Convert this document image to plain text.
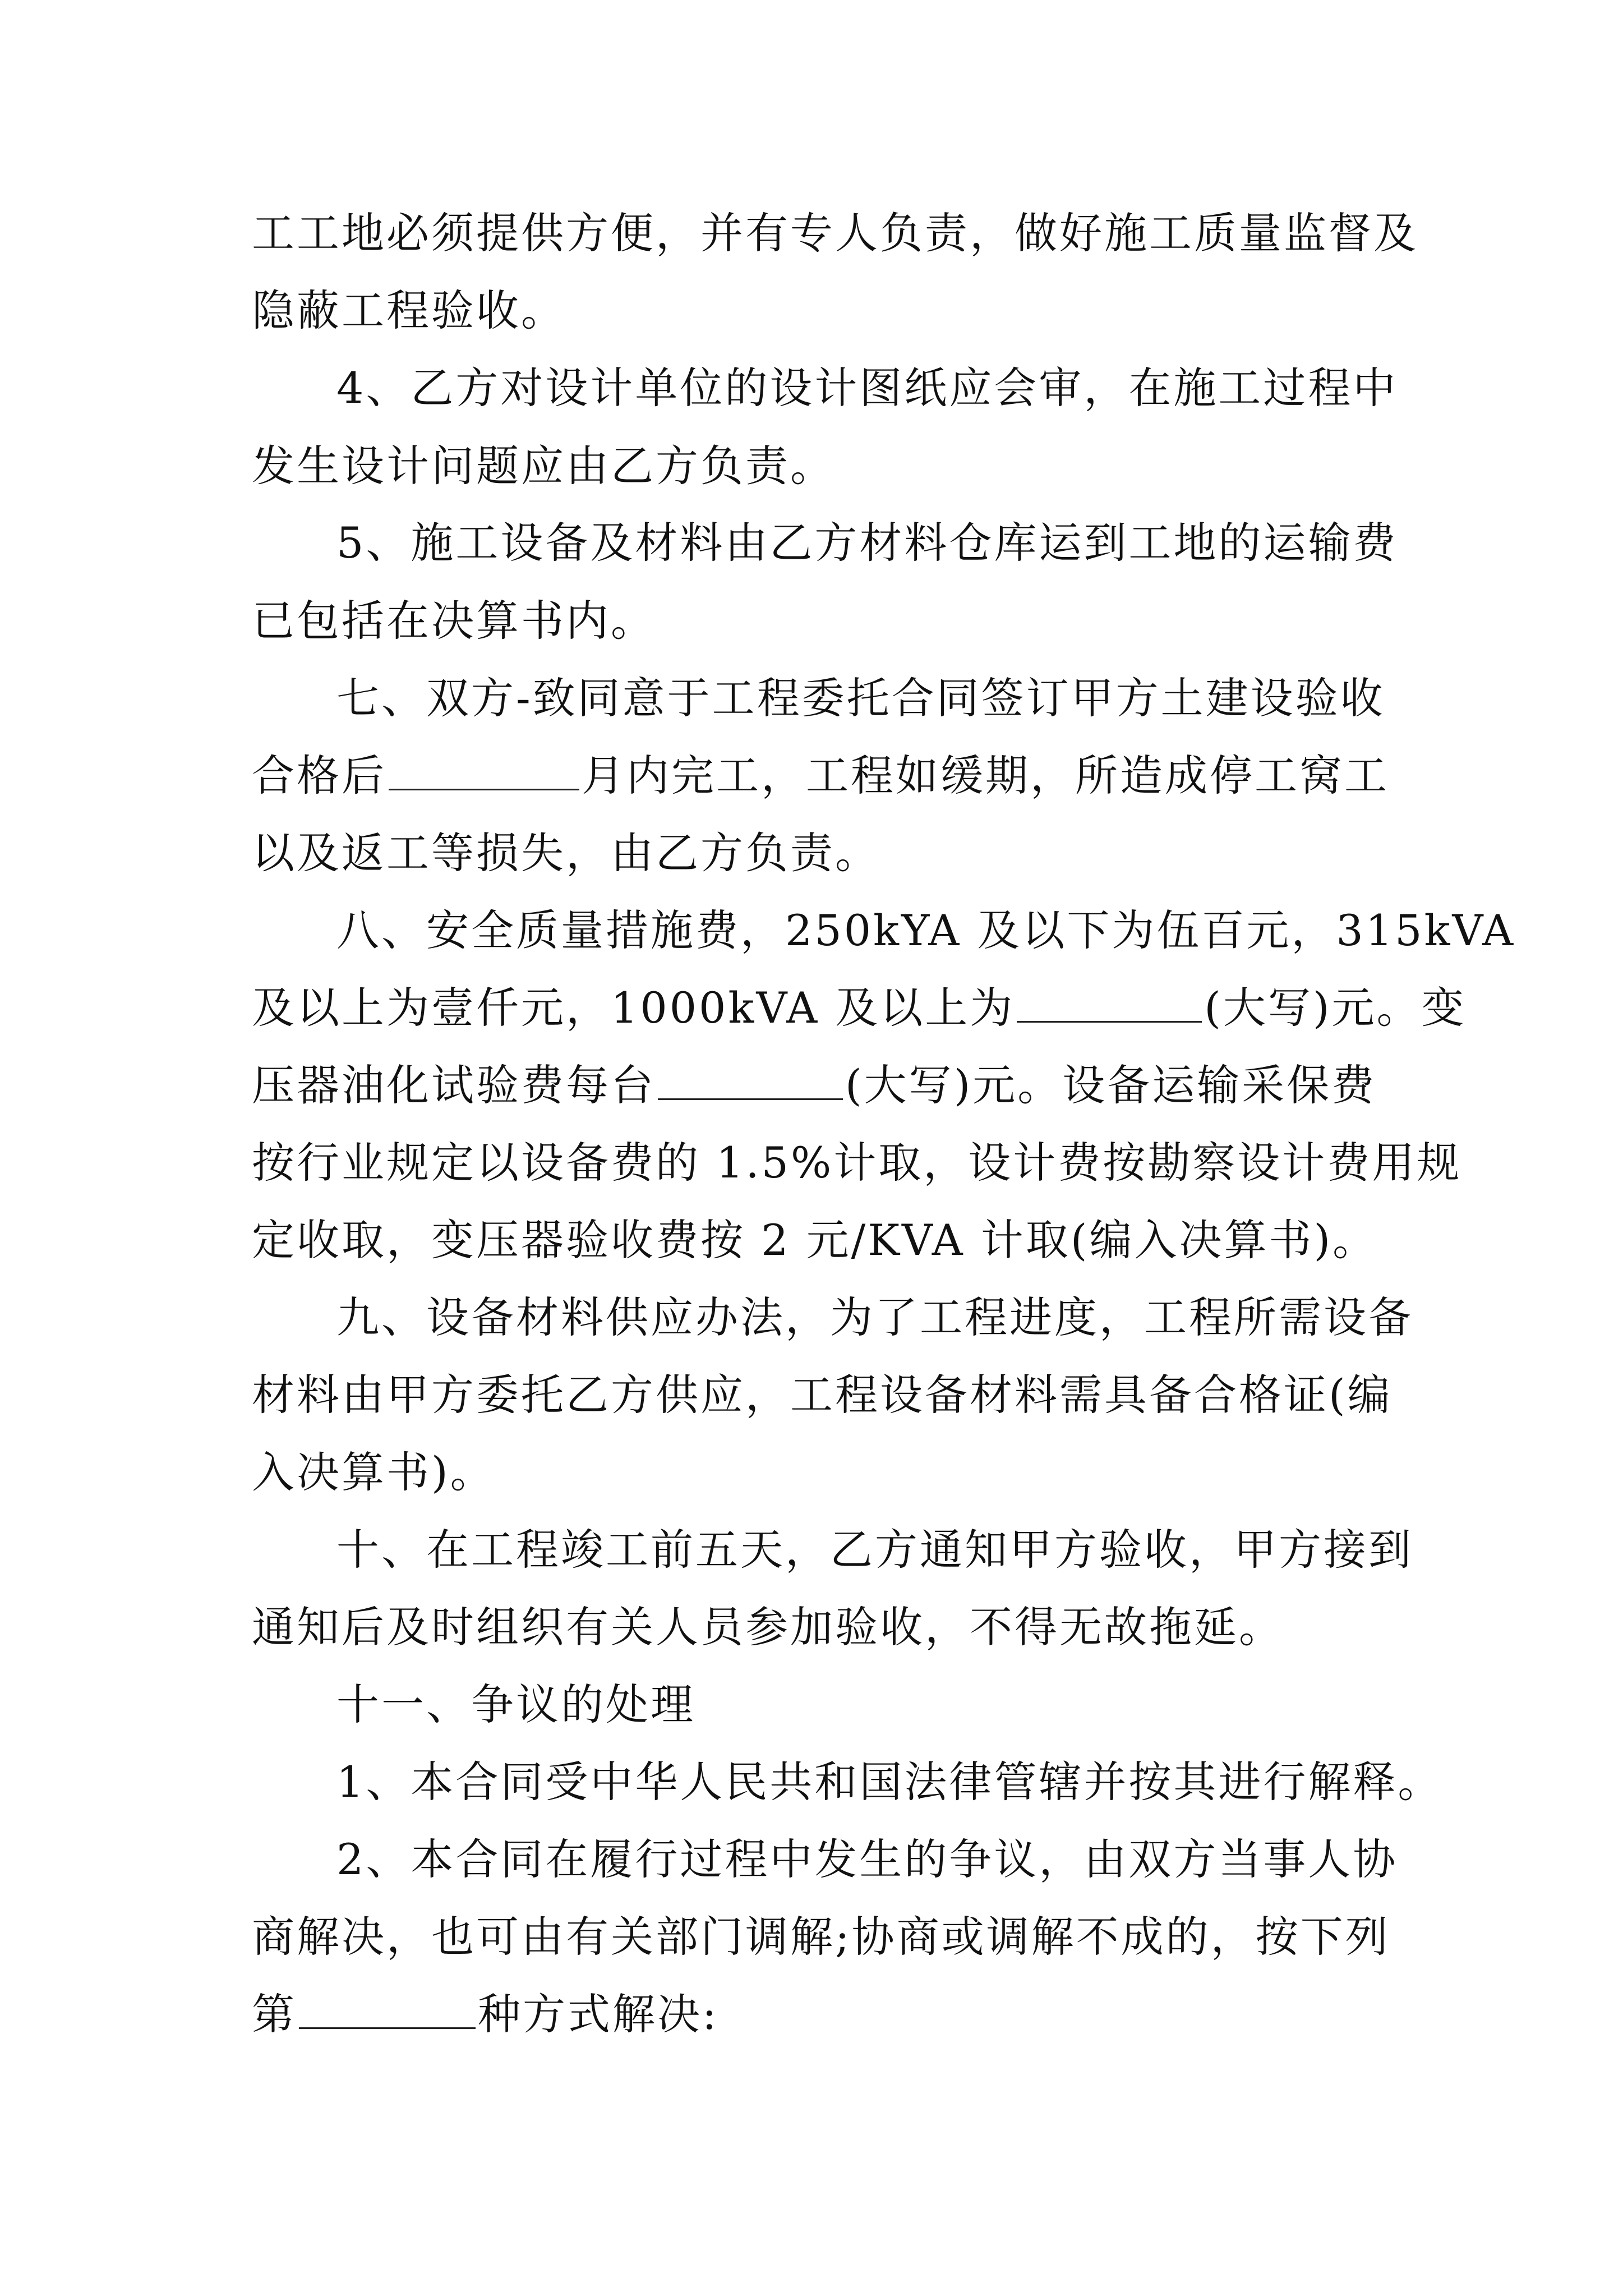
工工地必须提供方便，并有专人负责，做好施工质量监督及
隐蔽工程验收。
4、乙方对设计单位的设计图纸应会审，在施工过程中
发生设计问题应由乙方负责。
5、施工设备及材料由乙方材料仓库运到工地的运输费
已包括在决算书内。
七、双方-致同意于工程委托合同签订甲方土建设验收
合格后	月内完工，工程如缓期，所造成停工窝工
以及返工等损失，由乙方负责。
八、安全质量措施费，250kYA 及以下为伍百元，315kVA
及以上为壹仟元，1000kVA 及以上为	(大写)元。变
压器油化试验费每台	(大写)元。设备运输采保费
按行业规定以设备费的 1.5%计取，设计费按勘察设计费用规
定收取，变压器验收费按 2 元/KVA 计取(编入决算书)。
九、设备材料供应办法，为了工程进度，工程所需设备
材料由甲方委托乙方供应，工程设备材料需具备合格证(编
入决算书)。
十、在工程竣工前五天，乙方通知甲方验收，甲方接到
通知后及时组织有关人员参加验收，不得无故拖延。
十一、争议的处理
1、本合同受中华人民共和国法律管辖并按其进行解释。
2、本合同在履行过程中发生的争议，由双方当事人协
商解决，也可由有关部门调解;协商或调解不成的，按下列
第	种方式解决:
